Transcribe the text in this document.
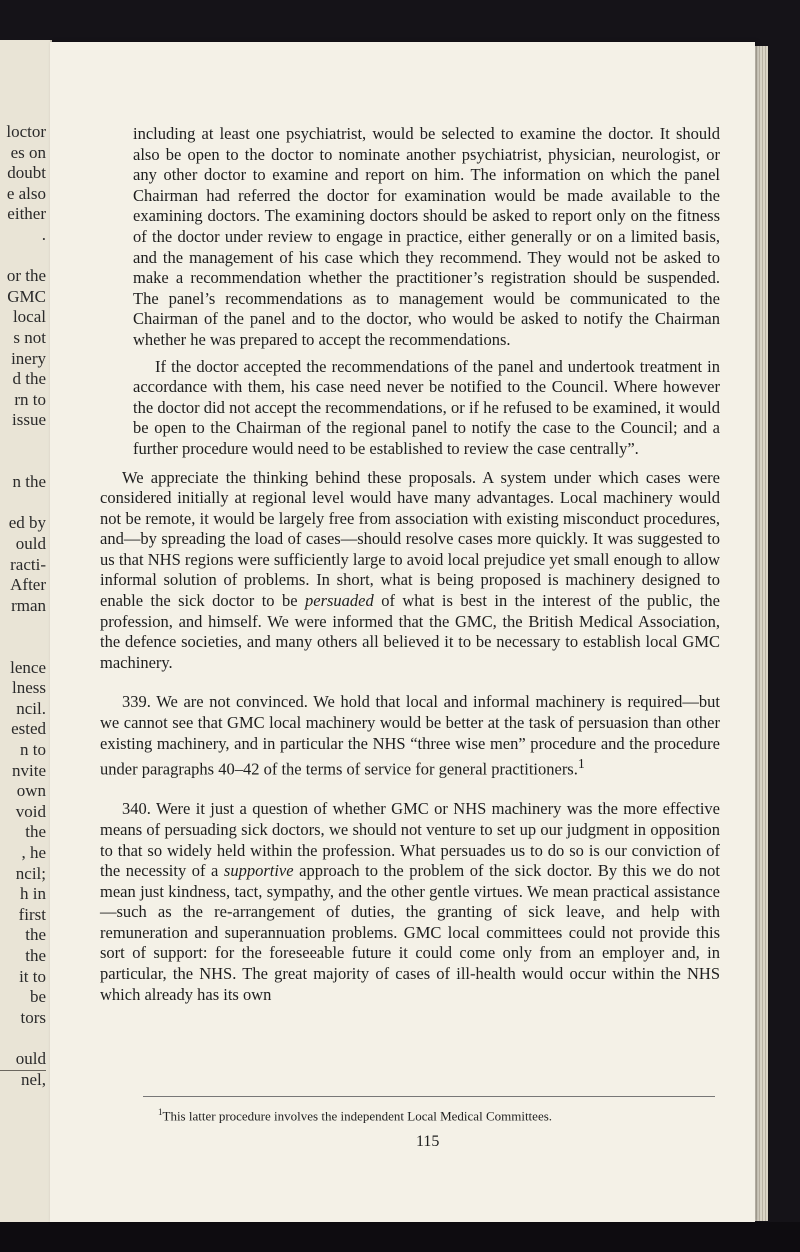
loctor
es on
doubt
e also
either
.
or the
GMC
local
s not
inery
d the
rn to
issue
n the
ed by
ould
racti-
After
rman
lence
lness
ncil.
ested
n to
nvite
own
void
the
, he
ncil;
h in
first
the
the
it to
be
tors
ould
nel,

including at least one psychiatrist, would be selected to examine the doctor. It should also be open to the doctor to nominate another psychiatrist, physician, neurologist, or any other doctor to examine and report on him. The information on which the panel Chairman had referred the doctor for examination would be made available to the examining doctors. The examining doctors should be asked to report only on the fitness of the doctor under review to engage in practice, either generally or on a limited basis, and the management of his case which they recommend. They would not be asked to make a recommendation whether the practitioner’s registration should be suspended. The panel’s recommendations as to management would be communicated to the Chairman of the panel and to the doctor, who would be asked to notify the Chairman whether he was prepared to accept the recommendations.

If the doctor accepted the recommendations of the panel and undertook treatment in accordance with them, his case need never be notified to the Council. Where however the doctor did not accept the recommendations, or if he refused to be examined, it would be open to the Chairman of the regional panel to notify the case to the Council; and a further procedure would need to be established to review the case centrally”.

We appreciate the thinking behind these proposals. A system under which cases were considered initially at regional level would have many advantages. Local machinery would not be remote, it would be largely free from association with existing misconduct procedures, and—by spreading the load of cases—should resolve cases more quickly. It was suggested to us that NHS regions were sufficiently large to avoid local prejudice yet small enough to allow informal solution of problems. In short, what is being proposed is machinery designed to enable the sick doctor to be persuaded of what is best in the interest of the public, the profession, and himself. We were informed that the GMC, the British Medical Association, the defence societies, and many others all believed it to be necessary to establish local GMC machinery.

339. We are not convinced. We hold that local and informal machinery is required—but we cannot see that GMC local machinery would be better at the task of persuasion than other existing machinery, and in particular the NHS “three wise men” procedure and the procedure under paragraphs 40–42 of the terms of service for general practitioners.$^1$

340. Were it just a question of whether GMC or NHS machinery was the more effective means of persuading sick doctors, we should not venture to set up our judgment in opposition to that so widely held within the profession. What persuades us to do so is our conviction of the necessity of a supportive approach to the problem of the sick doctor. By this we do not mean just kindness, tact, sympathy, and the other gentle virtues. We mean practical assistance—such as the re-arrangement of duties, the granting of sick leave, and help with remuneration and superannuation problems. GMC local committees could not provide this sort of support: for the foreseeable future it could come only from an employer and, in particular, the NHS. The great majority of cases of ill-health would occur within the NHS which already has its own

$^1$This latter procedure involves the independent Local Medical Committees.
115
